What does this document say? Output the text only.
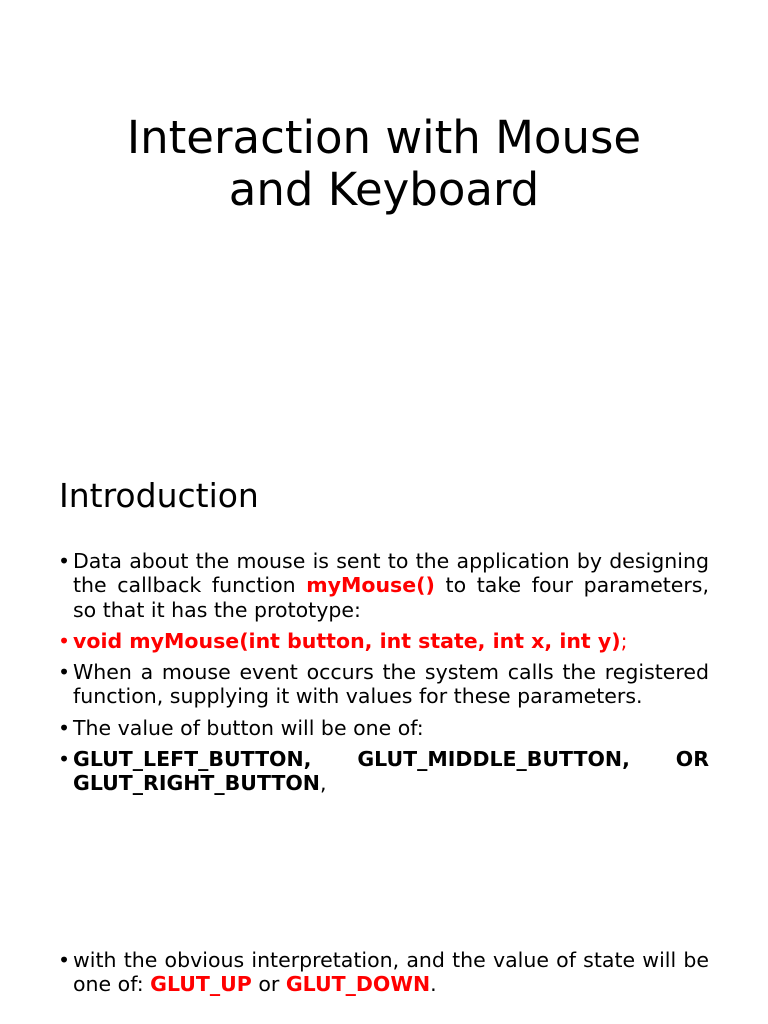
Interaction with Mouse
and Keyboard
Introduction
• Data about the mouse is sent to the application by designing the callback function myMouse() to take four parameters, so that it has the prototype:
• void myMouse(int button, int state, int x, int y);
• When a mouse event occurs the system calls the registered function, supplying it with values for these parameters.
• The value of button will be one of:
• GLUT_LEFT_BUTTON, GLUT_MIDDLE_BUTTON, OR GLUT_RIGHT_BUTTON,
• with the obvious interpretation, and the value of state will be one of: GLUT_UP or GLUT_DOWN.
